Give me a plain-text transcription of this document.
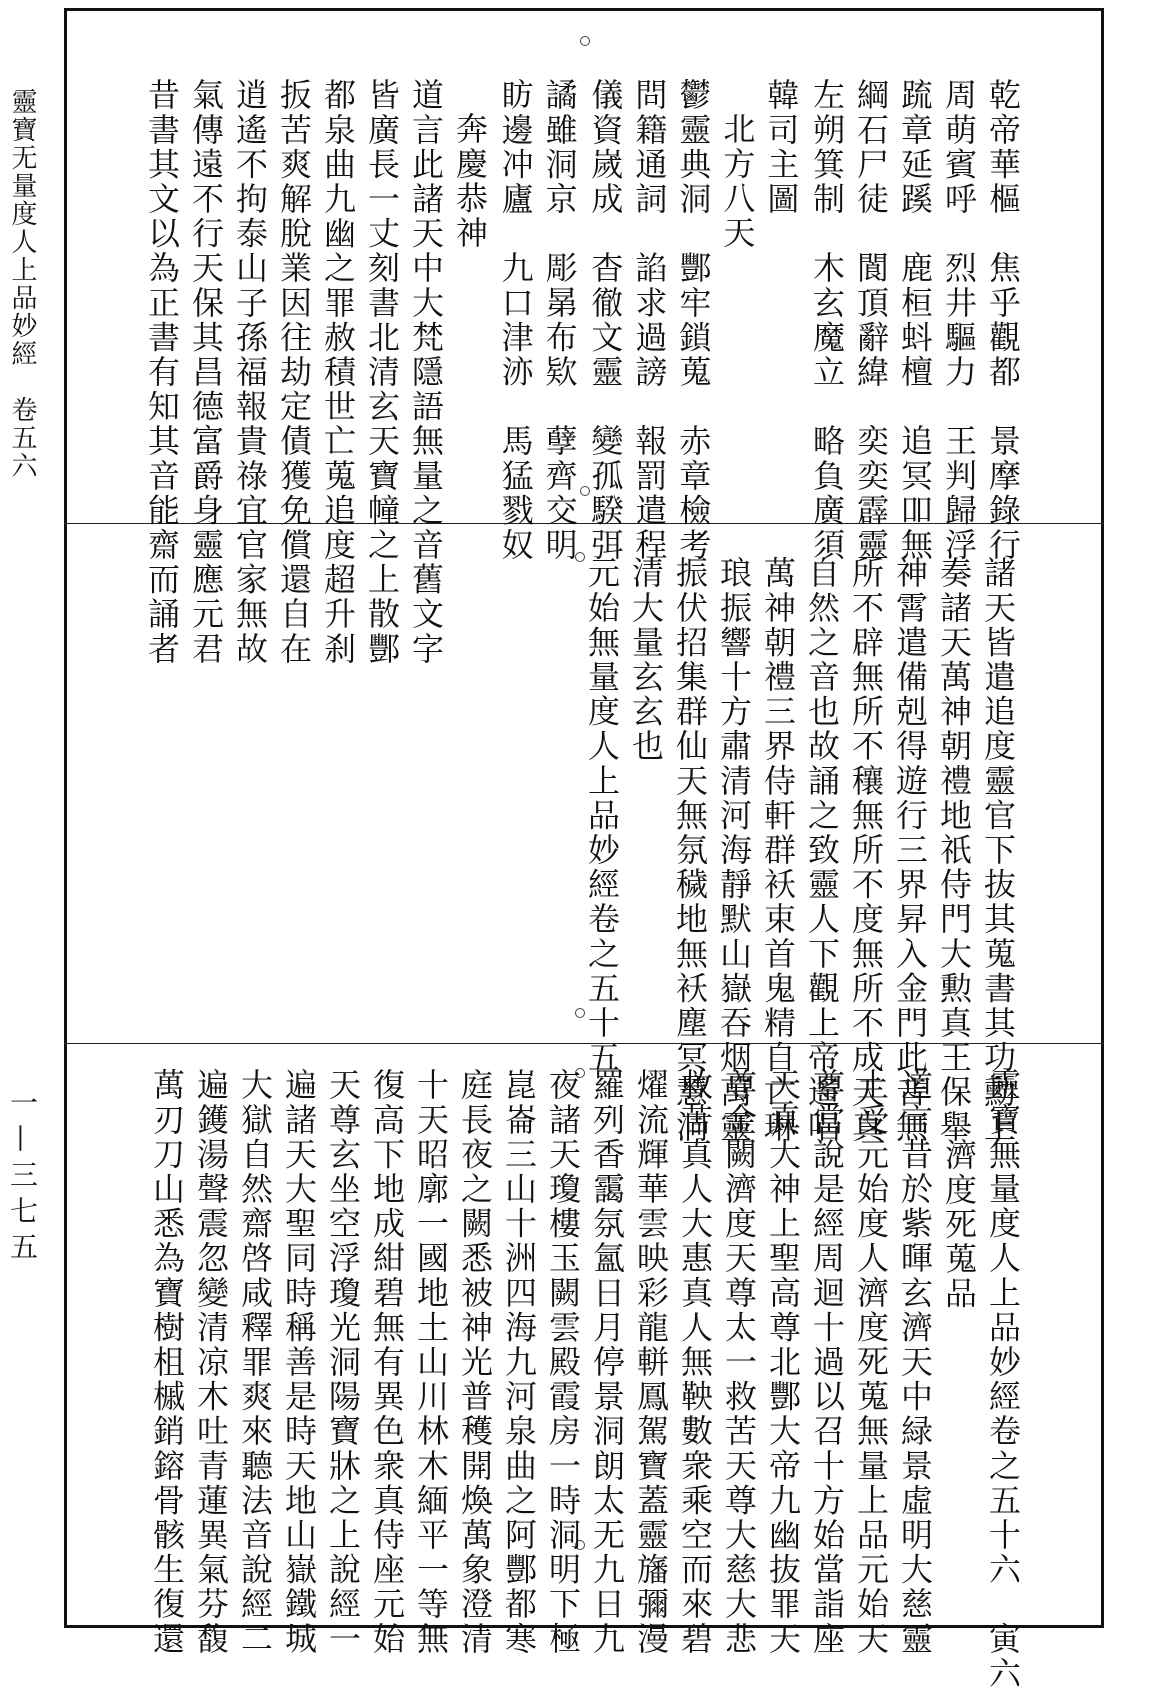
靈寶无量度人上品妙經　卷五六
一—三七五
乾帝華樞　焦乎觀都　景摩錄行
周萌賓呼　烈井驅力　王判歸浮
䟽章延蹊　鹿桓蚪檀　追冥吅無
綱石尸徒　閬頂辭緯　奕奕霹靈
左朔箕制　木玄魔立　略負廣須
韓司主圖
北方八天
鬱靈典洞　酆牢鎖蒐　赤章檢考
問籍通詞　諂求過謗　報罰遣程
儀資嵗成　杳徹文靈　變孤騤弭
譎雖洞京　彫晜布欵　孽齊交明
眆邊冲廬　九口津洂　馬猛戮奴
奔慶恭神
道言此諸天中大梵隱語無量之音舊文字
皆廣長一丈刻書北清玄天寶幢之上散酆
都泉曲九幽之罪赦積世亡蒐追度超升刹
扳苦爽解脫業因往劫定債獲免償還自在
逍遙不拘泰山子孫福報貴祿宜官家無故
氣傳遠不行天保其昌德富爵身靈應元君
昔書其文以為正書有知其音能齋而誦者
諸天皆遣追度靈官下抜其蒐書其功勳上
奏諸天萬神朝禮地祇侍門大勲真王保舉
神霄遣備剋得遊行三界昇入金門此音無
所不辟無所不穰無所不度無所不成天真
自然之音也故誦之致靈人下觀上帝遙唱
萬神朝禮三界侍軒群袄束首鬼精自亡琳
琅振響十方肅清河海靜默山嶽吞烟萬靈
振伏招集群仙天無氛穢地無袄塵冥慧洞
清大量玄玄也
元始無量度人上品妙經卷之五十五
靈寶無量度人上品妙經卷之五十六　寅六
濟度死蒐品
道言昔於紫暉玄濟天中緑景虛明大慈靈
土受元始度人濟度死蒐無量上品元始天
尊當說是經周迴十過以召十方始當詣座
天真大神上聖高尊北酆大帝九幽抜罪天
尊金闕濟度天尊太一救苦天尊大慈大悲
救苦真人大惠真人無鞅數衆乘空而來碧
燿流輝華雲映彩龍軿鳳駕寶蓋靈旛彌漫
羅列香靄氛氳日月停景洞朗太无九日九
夜諸天瓊樓玉闕雲殿霞房一時洞明下極
崑崙三山十洲四海九河泉曲之阿酆都寒
庭長夜之闕悉被神光普穫開煥萬象澄清
十天昭廓一國地土山川林木緬平一等無
復高下地成紺碧無有異色衆真侍座元始
天尊玄坐空浮瓊光洞陽寶牀之上說經一
遍諸天大聖同時稱善是時天地山嶽鐵城
大獄自然齋啓咸釋罪爽來聽法音說經二
遍鑊湯聲震忽變清凉木吐青蓮異氣芬馥
萬刃刀山悉為寶樹柤槭銷鎔骨骸生復還
